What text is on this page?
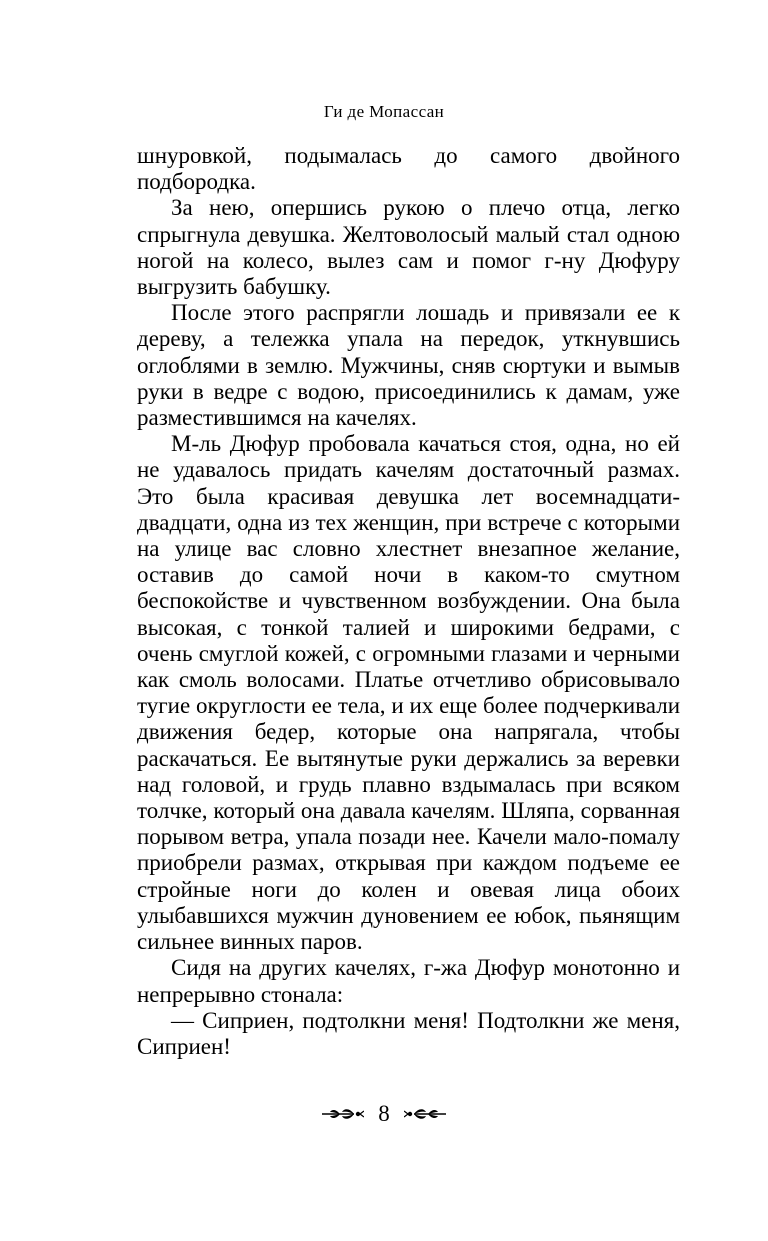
Ги де Мопассан

шнуровкой, подымалась до самого двойного подбородка.

За нею, опершись рукою о плечо отца, легко спрыгнула девушка. Желтоволосый малый стал одною ногой на колесо, вылез сам и помог г-ну Дюфуру выгрузить бабушку.

После этого распрягли лошадь и привязали ее к дереву, а тележка упала на передок, уткнувшись оглоблями в землю. Мужчины, сняв сюртуки и вымыв руки в ведре с водою, присоединились к дамам, уже разместившимся на качелях.

М-ль Дюфур пробовала качаться стоя, одна, но ей не удавалось придать качелям достаточный размах. Это была красивая девушка лет восемнадцати-двадцати, одна из тех женщин, при встрече с которыми на улице вас словно хлестнет внезапное желание, оставив до самой ночи в каком-то смутном беспокойстве и чувственном возбуждении. Она была высокая, с тонкой талией и широкими бедрами, с очень смуглой кожей, с огромными глазами и черными как смоль волосами. Платье отчетливо обрисовывало тугие округлости ее тела, и их еще более подчеркивали движения бедер, которые она напрягала, чтобы раскачаться. Ее вытянутые руки держались за веревки над головой, и грудь плавно вздымалась при всяком толчке, который она давала качелям. Шляпа, сорванная порывом ветра, упала позади нее. Качели мало-помалу приобрели размах, открывая при каждом подъеме ее стройные ноги до колен и овевая лица обоих улыбавшихся мужчин дуновением ее юбок, пьянящим сильнее винных паров.

Сидя на других качелях, г-жа Дюфур монотонно и непрерывно стонала:

— Сиприен, подтолкни меня! Подтолкни же меня, Сиприен!

8
